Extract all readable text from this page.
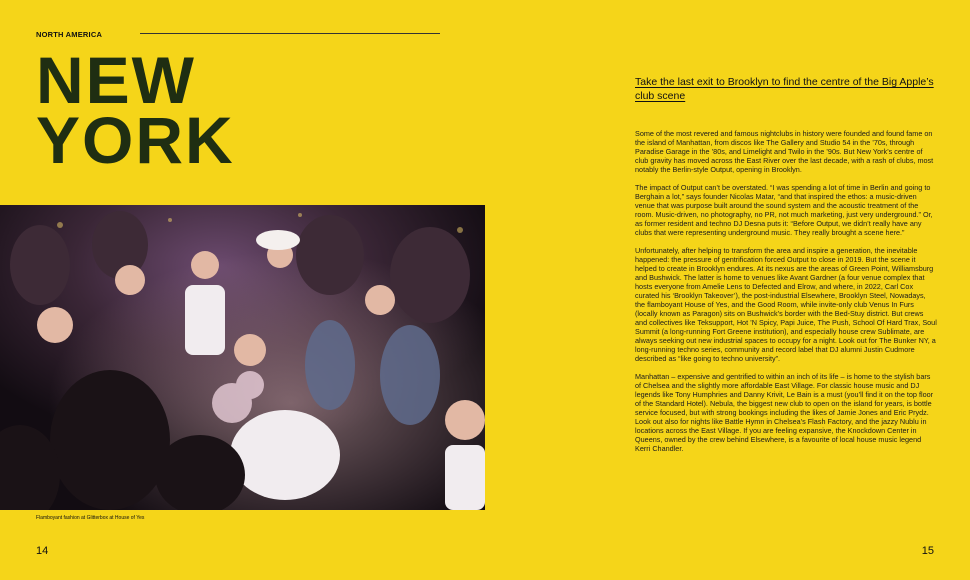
NORTH AMERICA
NEW
YORK
Flamboyant fashion at Glitterbox at House of Yes
14
Take the last exit to Brooklyn to find the centre of the Big Apple’s club scene

Some of the most revered and famous nightclubs in history were founded and found fame on the island of Manhattan, from discos like The Gallery and Studio 54 in the ’70s, through Paradise Garage in the ’80s, and Limelight and Twilo in the ’90s. But New York’s centre of club gravity has moved across the East River over the last decade, with a rash of clubs, most notably the Berlin-style Output, opening in Brooklyn.

The impact of Output can’t be overstated. “I was spending a lot of time in Berlin and going to Berghain a lot,” says founder Nicolas Matar, “and that inspired the ethos: a music-driven venue that was purpose built around the sound system and the acoustic treatment of the room. Music-driven, no photography, no PR, not much marketing, just very underground.” Or, as former resident and techno DJ Desna puts it: “Before Output, we didn’t really have any clubs that were representing underground music. They really brought a scene here.”

Unfortunately, after helping to transform the area and inspire a generation, the inevitable happened: the pressure of gentrification forced Output to close in 2019. But the scene it helped to create in Brooklyn endures. At its nexus are the areas of Green Point, Williamsburg and Bushwick. The latter is home to venues like Avant Gardner (a four venue complex that hosts everyone from Amelie Lens to Defected and Elrow, and where, in 2022, Carl Cox curated his ‘Brooklyn Takeover’), the post-industrial Elsewhere, Brooklyn Steel, Nowadays, the flamboyant House of Yes, and the Good Room, while invite-only club Venus In Furs (locally known as Paragon) sits on Bushwick’s border with the Bed-Stuy district. But crews and collectives like Teksupport, Hot ’N Spicy, Papi Juice, The Push, School Of Hard Trax, Soul Summit (a long-running Fort Greene institution), and especially house crew Sublimate, are always seeking out new industrial spaces to occupy for a night. Look out for The Bunker NY, a long-running techno series, community and record label that DJ alumni Justin Cudmore described as “like going to techno university”.

Manhattan – expensive and gentrified to within an inch of its life – is home to the stylish bars of Chelsea and the slightly more affordable East Village. For classic house music and DJ legends like Tony Humphries and Danny Krivit, Le Bain is a must (you’ll find it on the top floor of the Standard Hotel). Nebula, the biggest new club to open on the island for years, is bottle service focused, but with strong bookings including the likes of Jamie Jones and Eric Prydz. Look out also for nights like Battle Hymn in Chelsea’s Flash Factory, and the jazzy Nublu in locations across the East Village. If you are feeling expansive, the Knockdown Center in Queens, owned by the crew behind Elsewhere, is a favourite of local house music legend Kerri Chandler.

15
